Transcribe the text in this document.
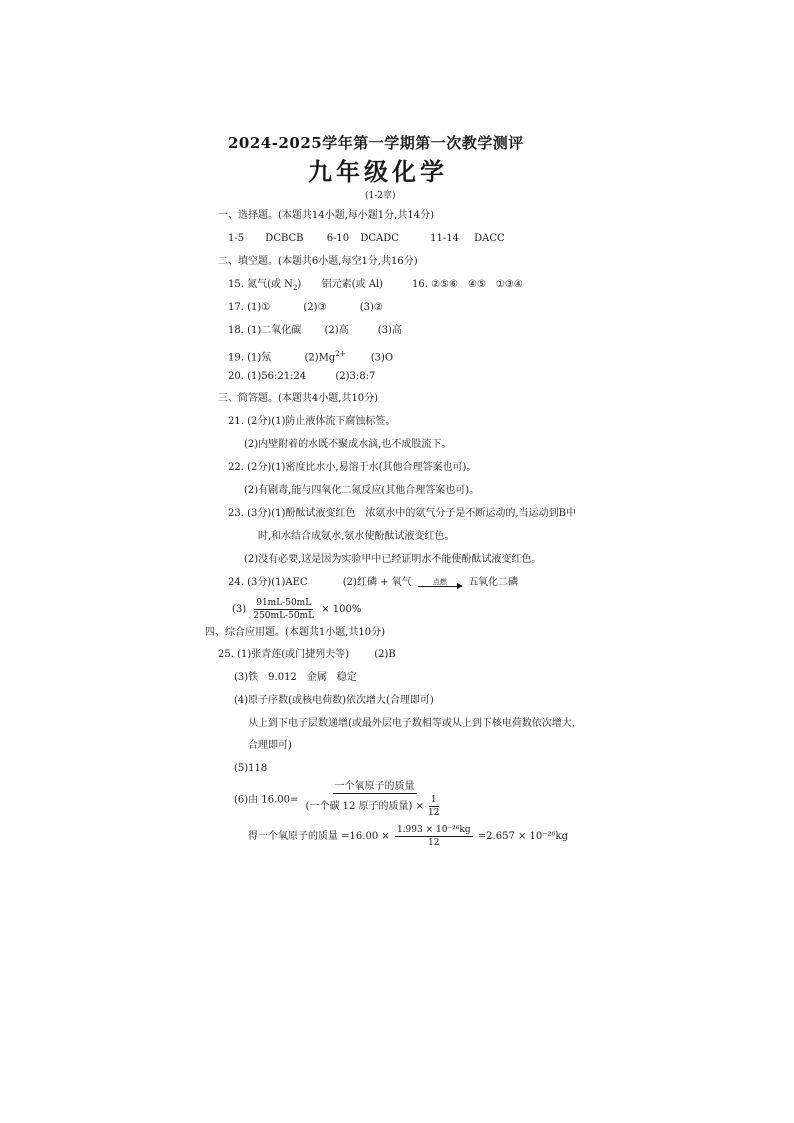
2024-2025学年第一学期第一次教学测评
九年级化学
(1-2章)
一、选择题。(本题共14小题,每小题1分,共14分)
1-5 DCBCB 6-10 DCADC	11-14 DACC
二、填空题。(本题共6小题,每空1分,共16分)
15. 氮气(或 $N_2$) 铝元素(或 Al)	16. ②⑤⑥　④⑤　①③④
17. (1)①	(2)③	(3)②
18. (1)二氧化碳 (2)高	(3)高
19. (1)氖	$(2)Mg^{2+}$	(3)O
20. (1)56:21:24	(2)3:8:7
三、简答题。(本题共4小题,共10分)
21. (2分)(1)防止液体流下腐蚀标签。
(2)内壁附着的水既不聚成水滴,也不成股流下。
22. (2分)(1)密度比水小,易溶于水(其他合理答案也可)。
(2)有剧毒,能与四氧化二氮反应(其他合理答案也可)。
23. (3分)(1)酚酞试液变红色　浓氨水中的氨气分子是不断运动的,当运动到B中
时,和水结合成氨水,氨水使酚酞试液变红色。
(2)没有必要,这是因为实验甲中已经证明水不能使酚酞试液变红色。
24. (3分)(1)AEC	(2)红磷 + 氧气	点燃 五氧化二磷
$(3) \frac{91mL-50mL}{250mL-50mL} \times 100\%$
四、综合应用题。(本题共1小题,共10分)
25. (1)张青莲(或门捷列夫等)	(2)B
(3)铁　9.012　金属　稳定
(4)原子序数(或核电荷数)依次增大(合理即可)
从上到下电子层数递增(或最外层电子数相等或从上到下核电荷数依次增大,
合理即可)
(5)118
(6)由 $16.00= \frac{\text{一个氧原子的质量}}{(一个碳 12 原子的质量) \times \frac{1}{12}}$
得一个氧原子的质量 $=16.00 \times \frac{\text{1.993 × 10⁻²⁶kg}}{12} =2.657 \times 10^{-26}kg$
